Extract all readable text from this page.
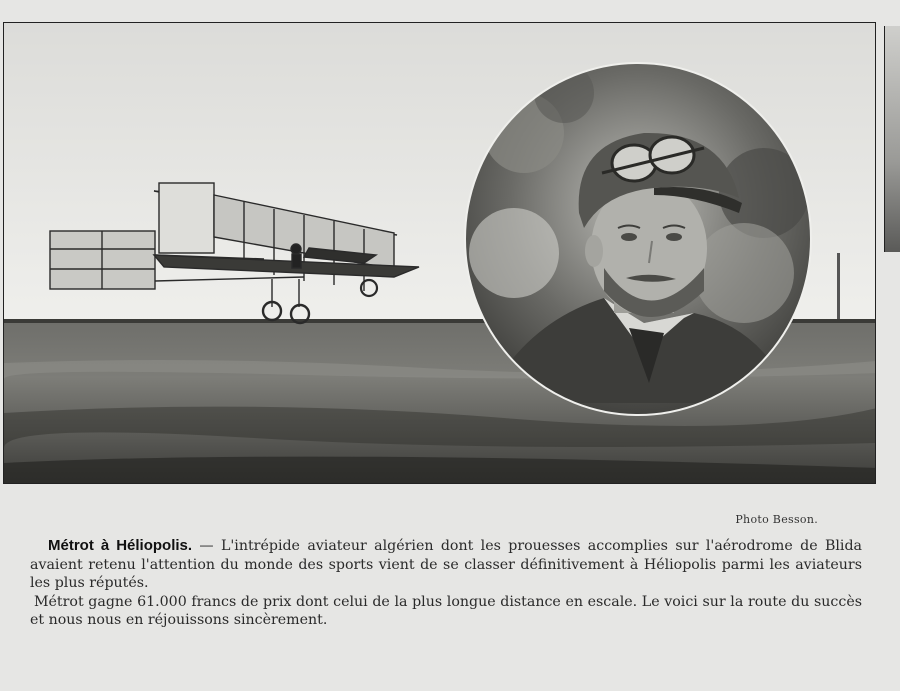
Photo Besson.

Métrot à Héliopolis. — L'intrépide aviateur algérien dont les prouesses accomplies sur l'aérodrome de Blida avaient retenu l'attention du monde des sports vient de se classer définitivement à Héliopolis parmi les aviateurs les plus réputés.

Métrot gagne 61.000 francs de prix dont celui de la plus longue distance en escale. Le voici sur la route du succès et nous nous en réjouissons sincèrement.
